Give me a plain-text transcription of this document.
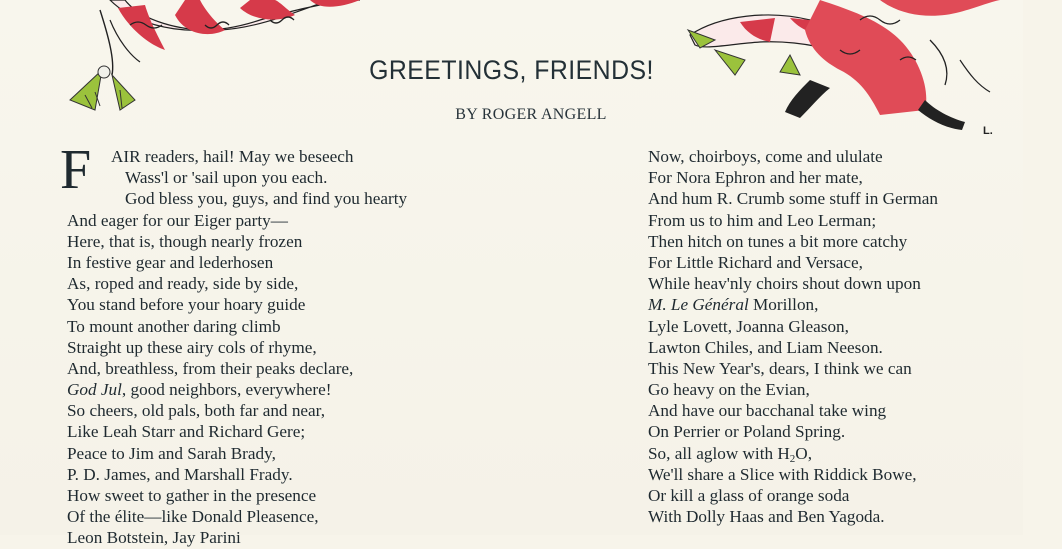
GREETINGS, FRIENDS!
BY ROGER ANGELL
L.
F	AIR readers, hail! May we beseech
Wass'l or 'sail upon you each.
God bless you, guys, and find you hearty
And eager for our Eiger party—
Here, that is, though nearly frozen
In festive gear and lederhosen
As, roped and ready, side by side,
You stand before your hoary guide
To mount another daring climb
Straight up these airy cols of rhyme,
And, breathless, from their peaks declare,
God Jul, good neighbors, everywhere!
So cheers, old pals, both far and near,
Like Leah Starr and Richard Gere;
Peace to Jim and Sarah Brady,
P. D. James, and Marshall Frady.
How sweet to gather in the presence
Of the élite—like Donald Pleasence,
Leon Botstein, Jay Parini
Now, choirboys, come and ululate
For Nora Ephron and her mate,
And hum R. Crumb some stuff in German
From us to him and Leo Lerman;
Then hitch on tunes a bit more catchy
For Little Richard and Versace,
While heav'nly choirs shout down upon
M. Le Général Morillon,
Lyle Lovett, Joanna Gleason,
Lawton Chiles, and Liam Neeson.
This New Year's, dears, I think we can
Go heavy on the Evian,
And have our bacchanal take wing
On Perrier or Poland Spring.
So, all aglow with $H_2O$,
We'll share a Slice with Riddick Bowe,
Or kill a glass of orange soda
With Dolly Haas and Ben Yagoda.
